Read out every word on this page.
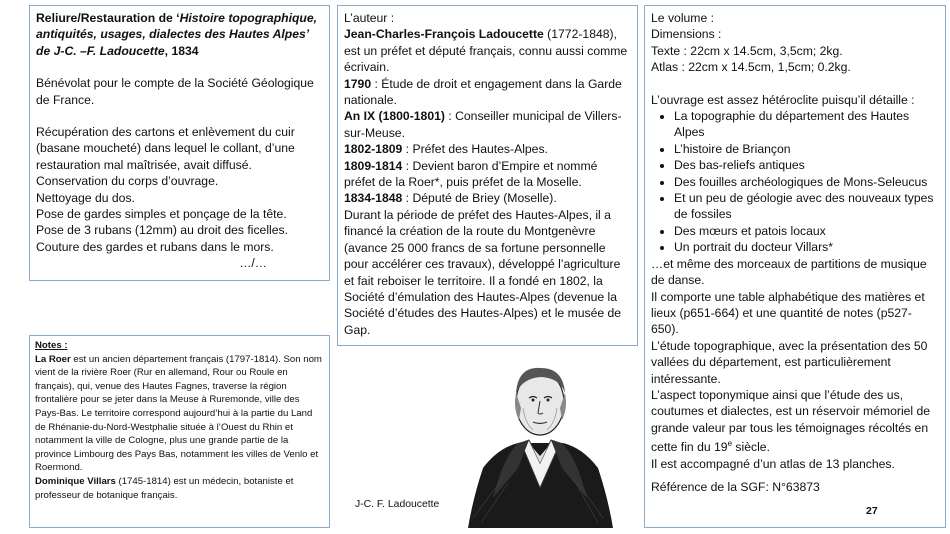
Reliure/Restauration de ‘Histoire topographique, antiquités, usages, dialectes des Hautes Alpes’ de J-C. –F. Ladoucette, 1834

Bénévolat pour le compte de la Société Géologique de France.

Récupération des cartons et enlèvement du cuir (basane moucheté) dans lequel le collant, d’une restauration mal maîtrisée, avait diffusé.

Conservation du corps d’ouvrage.

Nettoyage du dos.

Pose de gardes simples et ponçage de la tête.

Pose de 3 rubans (12mm) au droit des ficelles.

Couture des gardes et rubans dans le mors.

…/…

Notes :

La Roer est un ancien département français (1797-1814). Son nom vient de la rivière Roer (Rur en allemand, Rour ou Roule en français), qui, venue des Hautes Fagnes, traverse la région frontalière pour se jeter dans la Meuse à Ruremonde, ville des Pays-Bas. Le territoire correspond aujourd’hui à la partie du Land de Rhénanie-du-Nord-Westphalie située à l’Ouest du Rhin et notamment la ville de Cologne, plus une grande partie de la province Limbourg des Pays Bas, notamment les villes de Venlo et Roermond.

Dominique Villars (1745-1814) est un médecin, botaniste et professeur de botanique français.

L’auteur :

Jean-Charles-François Ladoucette (1772-1848), est un préfet et député français, connu aussi comme écrivain.

1790 : Étude de droit et engagement dans la Garde nationale.

An IX (1800-1801) : Conseiller municipal de Villers-sur-Meuse.

1802-1809 : Préfet des Hautes-Alpes.

1809-1814 : Devient baron d’Empire et nommé préfet de la Roer*, puis préfet de la Moselle.

1834-1848 : Député de Briey (Moselle).

Durant la période de préfet des Hautes-Alpes, il a financé la création de la route du Montgenèvre (avance 25 000 francs de sa fortune personnelle pour accélérer ces travaux), développé l’agriculture et fait reboiser le territoire. Il a fondé en 1802, la Société d’émulation des Hautes-Alpes (devenue la Société d’études des Hautes-Alpes) et le musée de Gap.

J-C. F. Ladoucette

Le volume :

Dimensions :

Texte : 22cm x 14.5cm, 3,5cm; 2kg.

Atlas : 22cm x 14.5cm, 1,5cm; 0.2kg.

L’ouvrage est assez hétéroclite puisqu’il détaille :

• La topographie du département des Hautes Alpes
• L’histoire de Briançon
• Des bas-reliefs antiques
• Des fouilles archéologiques de Mons-Seleucus
• Et un peu de géologie avec des nouveaux types de fossiles
• Des mœurs et patois locaux
• Un portrait du docteur Villars*

…et même des morceaux de partitions de musique de danse.

Il comporte une table alphabétique des matières et lieux (p651-664) et une quantité de notes (p527-650).

L’étude topographique, avec la présentation des 50 vallées du département, est particulièrement intéressante.

L’aspect toponymique ainsi que l’étude des us, coutumes et dialectes, est un réservoir mémoriel de grande valeur par tous les témoignages récoltés en cette fin du 19e siècle.

Il est accompagné d’un atlas de 13 planches.

Référence de la SGF: N°63873

27
